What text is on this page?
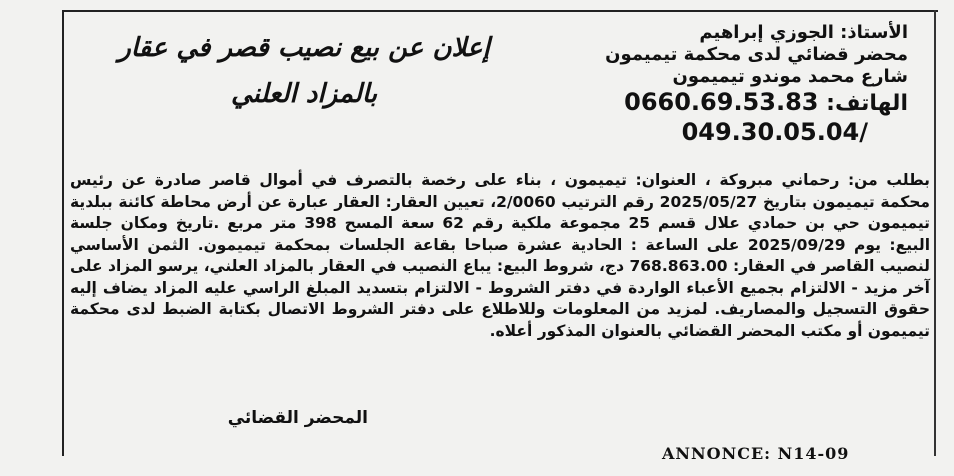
إعلان عن بيع نصيب قصر في عقار
بالمزاد العلني
الأستاذ: الجوزي إبراهيم
محضر قضائي لدى محكمة تيميمون
شارع محمد موندو تيميمون
الهاتف: 0660.69.53.83
049.30.05.04/
بطلب من: رحماني مبروكة ، العنوان: تيميمون ، بناء على رخصة بالتصرف في أموال قاصر صادرة عن رئيس محكمة تيميمون بتاريخ 2025/05/27 رقم الترتيب 2/0060، تعيين العقار: العقار عبارة عن أرض محاطة كائنة ببلدية تيميمون حي بن حمادي علال قسم 25 مجموعة ملكية رقم 62 سعة المسح 398 متر مربع .تاريخ ومكان جلسة البيع: يوم 2025/09/29 على الساعة : الحادية عشرة صباحا بقاعة الجلسات بمحكمة تيميمون. الثمن الأساسي لنصيب القاصر في العقار: 768.863.00 دج، شروط البيع: يباع النصيب في العقار بالمزاد العلني، يرسو المزاد على آخر مزيد - الالتزام بجميع الأعباء الواردة في دفتر الشروط - الالتزام بتسديد المبلغ الراسي عليه المزاد يضاف إليه حقوق التسجيل والمصاريف. لمزيد من المعلومات وللاطلاع على دفتر الشروط الاتصال بكتابة الضبط لدى محكمة تيميمون أو مكتب المحضر القضائي بالعنوان المذكور أعلاه.
المحضر القضائي
ANNONCE: N14-09
